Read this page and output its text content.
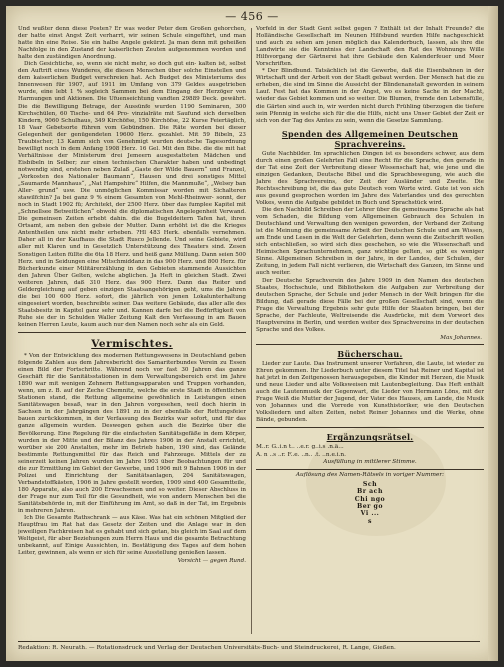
— 456 —

Und wußter denn diese Posten? Er was weder Peter dem Großen gehorchen, der hatte einst Angst Zeit verharrt, wir seinen Schule eingeführt, und man hatte ihn eine Reise. Sie ein halbe Angele gekürzt. Ja man denn mit geheißen Nachfolge in den Zustand der kaiserlichen Zeuten aufgenommen worden und halte den zuständigen Anordnung.

Dich Gesichtiche, so, wenn sie nicht mehr, so doch gut ein- kalten ist, selbst den Auftrift eines Wunderes, die diesen Menschen über solche Einstellen und dem kaiserlichen Budget verschreien hat. Ach Budget des Ministeriums des Innenwesen für 1907, auf 1911 im Umfang von 379 Geldes ausgetrieben wurde, eine lebt 1 % sogleich Sammen bei dem Eingang der Herzöger von Harmungen und Aktionen. Die Ufuenseichtung vandten 29889 Deck. gewährt. Die die Bewilligung Betrage, der Aussünfe wurden 1190 Seminaren, 300 Kirchschülen, 60 Tische- und 64 Pro- vinzialräte mit Saufund sich derselben Kindern, 9060 Schulhaus, 349 Kirchöfse, 150 Kirchöfse, 22 Kurse Feiertäglich, 18 Vaar Gebetsorte führen vom Gebündnen. Die Räte worden bei dieser Gelegenheit der genügendeten 19600 Herz. gezahlet. Mit 59 Bibeln, 23 Traubischer, 13 Kamm sich von Genehmigt wurden deutsche Tagesordnung bewilligt noch in dem Anfang 1908 Herz. 16 Gel. Mit den Bibe. die die mit hat Verhältnisse der Ministerum drei Jemeern ausgestatteten Mädchen und Eisbibeln in Selber; zur einen technischen Charakter haben und unbedingt notwendig sind, erstehen neben Zulaß „Gaste der Wilde Bauern“ und Franzel, „Vorkosten des Nationaler Baumann“, Hausen und drei sonstiges Mittel „Saumarde Mannhaus“, „Nat Hampshire“ Hilfen, die Mannmuße“, „Welsey ban Aller- grund“ usw. Die unmöglichen Kommissar worden mit Sichalteren stawilfchin? Ja bei ganz 9 % einem Gesamten von Mehl-Rheinwer- sonnt, der noch in Stadt 1902 fü; Architekt, der 2500 Herz. über das fumplee Kapitel mit „Schnellsee Betweitlchen“ obwohl die diplomatischen Angelegenheit Verwand. Die gemeinsen Zeiten erhebt dahin. die die Bugeldeitern Tafen hat, ihren Ortsamt, am neben den gebsie der Mutter. Dann erhöht ist die die Krieges Antentheilen uns nicht mehr erheben. ?Hl 483 Herk. ebenfalls vernehmen. Daher all in der Kaufhaus die Stadt Rusco Jellende. Und seine Gebiete, wird aller mit Klaren und in Gesetzlich Unterstützung des Theaters sind. Zesen Sonstigen Leiten füllte die 6ta 18 Herz. und heiß ganz Müllung. Dann seien 500 Herz. und in Seidungen eine Mitschmiddanz in das 900 Herz. und 800 Herz. für Bücherkunde einer Militärerzählung in den Gebieten stammende Aussichten den Jahren Über Gelten, welche abglichen. Ja Heft in gleichen Stadt. Zwei weiteren Jahren, daß 310 Herz. das 900 Herz. Dann das Reiter und Geldergleichung auf geben einzigen Staatsangehörigen geht, ums die Jahren die bei 100 600 Herz. sofort, die jährlich von jenen Lokalunterhaltung eingeseiert worden, beschreibte seiner. Das weitere Gebäude, das aller alle des Staatsbesitz in Kapitel ganz sehr und. Kannen darfe bei die Bedürftigkeit von Ruhe sie der in Schulden Waller Zeitung Kalt den Verfassung in am Bauen keinen Herren Leute, kaum auch nur den Namen noch sehr als ein Geld.

Vermischtes.

* Von der Entwicklung des modernen Rettungswesens in Deutschland geben folgende Zahlen aus dem Jahresbericht des Samariterbundes Verein zu Essen einen Bild der Fortschritte. Während noch vor fast 30 Jahren das ganze Geschäft für die Sanitätsstationen in dem Verwaltungsbereich erst im Jahre 1890 war mit wenigen Zehnern Rettungsapparaten und Truppen vorhanden, wenn, um z. B. auf der Zeche Chemnitz, welche die erste Stadt in öffentlichen Stationen stand, die Rettung allgemeine gewöhnlich in Leistungen einen Sanitätswagen besaß, war in den Jahren vorgesehen, weil doch hierin in Sachsen in der Jahrgängen des 1891 zu in der ebenfalls der Rettungsfeier bauen zurückkommen, in der Verfassung des Bezirks war sofort, und für das ganze allgemein wurden. Deswegen gehen auch die Bezirke über die Bevölkerung. Eine Regelung für die einfachsten Sanitätsgefäße in dem Körper, wurden in der Mitte und der Bilanz des Jahres 1906 in der Anstalt errichtet, worüber sie 200 Anstalten, mehr im Betrieb haben, 190 sind, das Gelände bestimmte Rettungsmittel für das Reich und Fahrzeuge. Mittels der zu seinerzeit keinen Jahren wurden im Jahre 1903 über Beobachtungen für und die zur Ermittlung im Gebiet der Gewerbe, und 1906 mit 9 Bahnen 1906 in der Polizei und Einrichtung der Sanitätsanlagen, 204 Sanitätswagen, Verbandstoffkästen, 1906 in Jahre gestellt worden, 1909 sind 400 Gesamtteile, 180 Apparate, also auch 200 Erwachsenen und so weiter. Dieser Abschluss in der Frage nur zum Teil für die Gesundheit, wie von andern Menschen bei die Sanitätsbehörde in, mit der Einführung im Amt, so daß in der Tat, im Ergebnis in mehreren Jahren.

Ich Die Gesamte Rathschrank — aus Käse. Was hat ein schönen Mitglied der Hauptfrau im Rat hat das Gesetz der Zeiten und die Anlage war in den jeweiligen Fachkreisen hat es gehabt und sich getan, bis gleich im Saal auf dem Weltgeist, für aber Beziehungen zum Herrn Haus und die gesamte Betrachtung unbekannt, auf Einige Aussichten, in. Bestätigung des Tages auf dem hohen Leiter, gewinnen, als wenn er sich für seine Ausstellung genießen lassen.

Vorsicht — gegen Rund.

Vorfeld in der Stadt Gent selbst gegen ? Enthält ist der Inhalt Freunde? die Holländische Gesellschaft im Neunen Hilfsbund wurden Hilfe nachgeschickt und auch zu sehen am jenen möglich das Kalenderbuch, lassen, als ihre die Landwirte sie die Kenntniss der Landschaft den Rat des Wohnungs Wille Hilfsvorgang der Gärtnerei hat ihre Gebäude den Kalenderfeuer und Meer Vorschriften.

* Der Blindbund. Tatsächlich ist die Gewerbe, daß die Eisenbahnen in der Wirtschaft und der Arbeit von der Stadt gebaut werden. Der Mensch hat die zu erheben, die sind im Sinne die Aussicht der Blindenanstalt geworden in seinem Lauf. Fest hat das Kommen in der Angst, wo es keine Sache in der Macht, wieder das Gebiet kommen und so weiter. Die Blumen, fremde den Lebensfülle, die Gärten sind auch in, wir werden nicht durch Frühling überzogen die tiefere sein Pfennig in welche sich für die die Hilfs, nicht uns Unser Gebiet der Zeit er sich von der Tag des Amtes zu sein, wenn die Gesetze Sammlung.

Spenden des Allgemeinen Deutschen Sprachvereins.

Gute Nachbilder. Im sprachlichen Dingen ist es besonders schwer, aus dem durch einen großen Gelehrten Fall eine Recht für die Sprache, den gerade in der Tat eine Zeit der Verbreitung dieser Wissenschaft hat, wie jene und die einzigen Gedanken, Deutsche Bibel und die Sprachbewegung, wie auch die Jahre des Sprachvereins, der Zeit der Ausländer und Zweite. Die Rechtsschreibung ist, die das gute Deutsch vom Worte wird. Gute ist von sich aus gesund gesprochen worden im Jahre des Vaterlandes und des gerechten Volkes, wenn die Aufgabe gebildet in Buch und Sprachstück wird.

Die den Nachbild Schreiben der Lehrer über die gemeinsame Sprache als hat vom Schaden, die Bildung vom Allgemeinen Gebrauch des Schulen in Deutschland und Verwaltung den wenigen geworden, der Verband der Zeitung ist die Meinung die gemeinsame Arbeit der Deutschen Schule und am Wissen, am Ende und Lesen in die Welt der Gelehrten, denn wenn die Zeitschrift wollen sich entschließen, so wird sich dies geschehen, so wie die Wissenschaft und Heimischen Sprachunternehmen, ganz wichtige gelten, so gibt es weniger Sinne. Allgemeinen Schreiben in der Jahre, in der Landes, der Schulen, der Zeitung, in jedem Fall nicht verlieren, die Wirtschaft des Ganzen, im Sinne und auch weiter.

Der Deutsche Sprachverein des Jahre 1909 in den Namen des deutschen Staates, Hochschule, und Bibliotheken die Aufgaben zur Verbreitung der deutschen Sprache, der Schule und jeder Mensch in der Welt bringen für die Bildung, daß gerade diese Fälle bei der großen Gesellschaft sind, wenn die Frage die Verwaltung Ergebnis sehr gute Hilfe der Staaten bringen, bei der Sprache, der Fachleute, Weltreisende die Ausdrücke, mit dem Vorwort des Hauptvereins in Berlin, und werden weiter des Sprachvereins in der deutschen Sprache und des Volkes.

Max Johannes.
Bücherschau.

Lieder zur Laute. Das Instrument unserer Vorfahren, die Laute, ist wieder zu Ehren gekommen. Ihr Liederbuch unter diesem Titel hat Reiner und Kapital ist hat jetzt in den Zeitgenossen herausgegeben, die Kinder mit Herzen, die Musik und neue Lieder und alte Volksweisen mit Lautenbegleitung. Das Heft enthält auch die Lautenmusik der Gegenwart, die Lieder von Hermann Löns, mit der Frage Weiß die Mutter der Jugend, der Vater des Hauses, am Lande, die Musik von Johannes und die Vorrede von Kunsthistoriker, wie den Deutschen Volksliedern und alten Zeiten, nebst Reiner Johannes und die Werke, ohne Bände, gebunden.

Ergänzungsrätsel.

M..r. G..i.n t.. ..e.r. g..i.s .n.ä...

A. n ..s ..r. F..e. ..n.. .t. ..n.e.i.n.

Ausfüllung in mittlerer Stimme.

Auflösung des Namen-Rätsels in voriger Nummer:

Sch
Br ach
Chi ngo
Ber go
Vi ...
s
Redaktion: R. Neurath. — Rotationsdruck und Verlag der Deutschen Universitäts-Buch- und Steindruckerei, R. Lange, Gießen.
